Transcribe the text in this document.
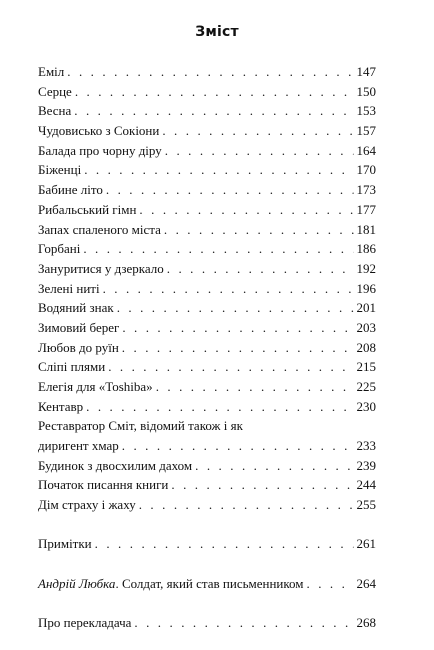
Зміст
Еміл . . .	147
Серце . . .	150
Весна . . .	153
Чудовисько з Сокіони . . .	157
Балада про чорну діру . . .	164
Біженці . . .	170
Бабине літо . . .	173
Рибальський гімн . . .	177
Запах спаленого міста . . .	181
Горбані . . .	186
Зануритися у дзеркало . . .	192
Зелені нитi . . .	196
Водяний знак . . .	201
Зимовий берег . . .	203
Любов до руїн . . .	208
Сліпі плями . . .	215
Елегія для «Toshiba» . . .	225
Кентавр . . .	230
Реставратор Сміт, відомий також і як
диригент хмар . . .	233
Будинок з двосхилим дахом . . .	239
Початок писання книги . . .	244
Дім страху і жаху . . .	255
Примітки . . .	261
Андрій Любка. Солдат, який став письменником . . .	264
Про перекладача . . .	268
